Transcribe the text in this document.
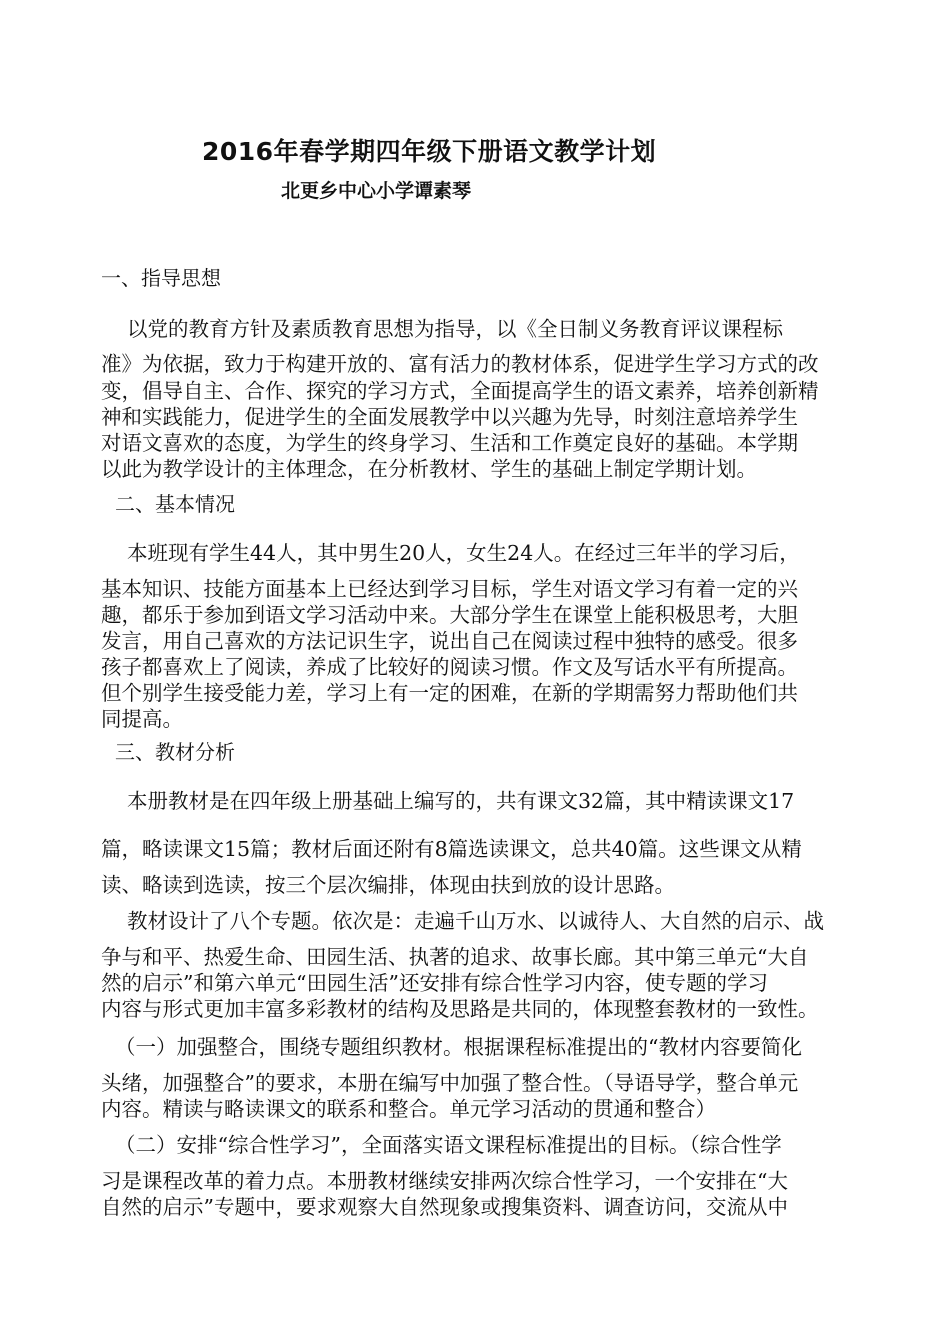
2016年春学期四年级下册语文教学计划

北更乡中心小学谭素琴

一、指导思想

以党的教育方针及素质教育思想为指导，以《全日制义务教育评议课程标

准》为依据，致力于构建开放的、富有活力的教材体系，促进学生学习方式的改

变，倡导自主、合作、探究的学习方式，全面提高学生的语文素养，培养创新精

神和实践能力，促进学生的全面发展教学中以兴趣为先导，时刻注意培养学生

对语文喜欢的态度，为学生的终身学习、生活和工作奠定良好的基础。本学期

以此为教学设计的主体理念，在分析教材、学生的基础上制定学期计划。

二、基本情况

本班现有学生44人，其中男生20人，女生24人。在经过三年半的学习后，

基本知识、技能方面基本上已经达到学习目标，学生对语文学习有着一定的兴

趣，都乐于参加到语文学习活动中来。大部分学生在课堂上能积极思考，大胆

发言，用自己喜欢的方法记识生字，说出自己在阅读过程中独特的感受。很多

孩子都喜欢上了阅读，养成了比较好的阅读习惯。作文及写话水平有所提高。

但个别学生接受能力差，学习上有一定的困难，在新的学期需努力帮助他们共

同提高。

三、教材分析

本册教材是在四年级上册基础上编写的，共有课文32篇，其中精读课文17

篇，略读课文15篇；教材后面还附有8篇选读课文，总共40篇。这些课文从精

读、略读到选读，按三个层次编排，体现由扶到放的设计思路。

教材设计了八个专题。依次是：走遍千山万水、以诚待人、大自然的启示、战

争与和平、热爱生命、田园生活、执著的追求、故事长廊。其中第三单元“大自

然的启示”和第六单元“田园生活”还安排有综合性学习内容，使专题的学习

内容与形式更加丰富多彩教材的结构及思路是共同的，体现整套教材的一致性。

（一）加强整合，围绕专题组织教材。根据课程标准提出的“教材内容要简化

头绪，加强整合”的要求，本册在编写中加强了整合性。（导语导学，整合单元

内容。精读与略读课文的联系和整合。单元学习活动的贯通和整合）

（二）安排“综合性学习”，全面落实语文课程标准提出的目标。（综合性学

习是课程改革的着力点。本册教材继续安排两次综合性学习，一个安排在“大

自然的启示”专题中，要求观察大自然现象或搜集资料、调查访问，交流从中
